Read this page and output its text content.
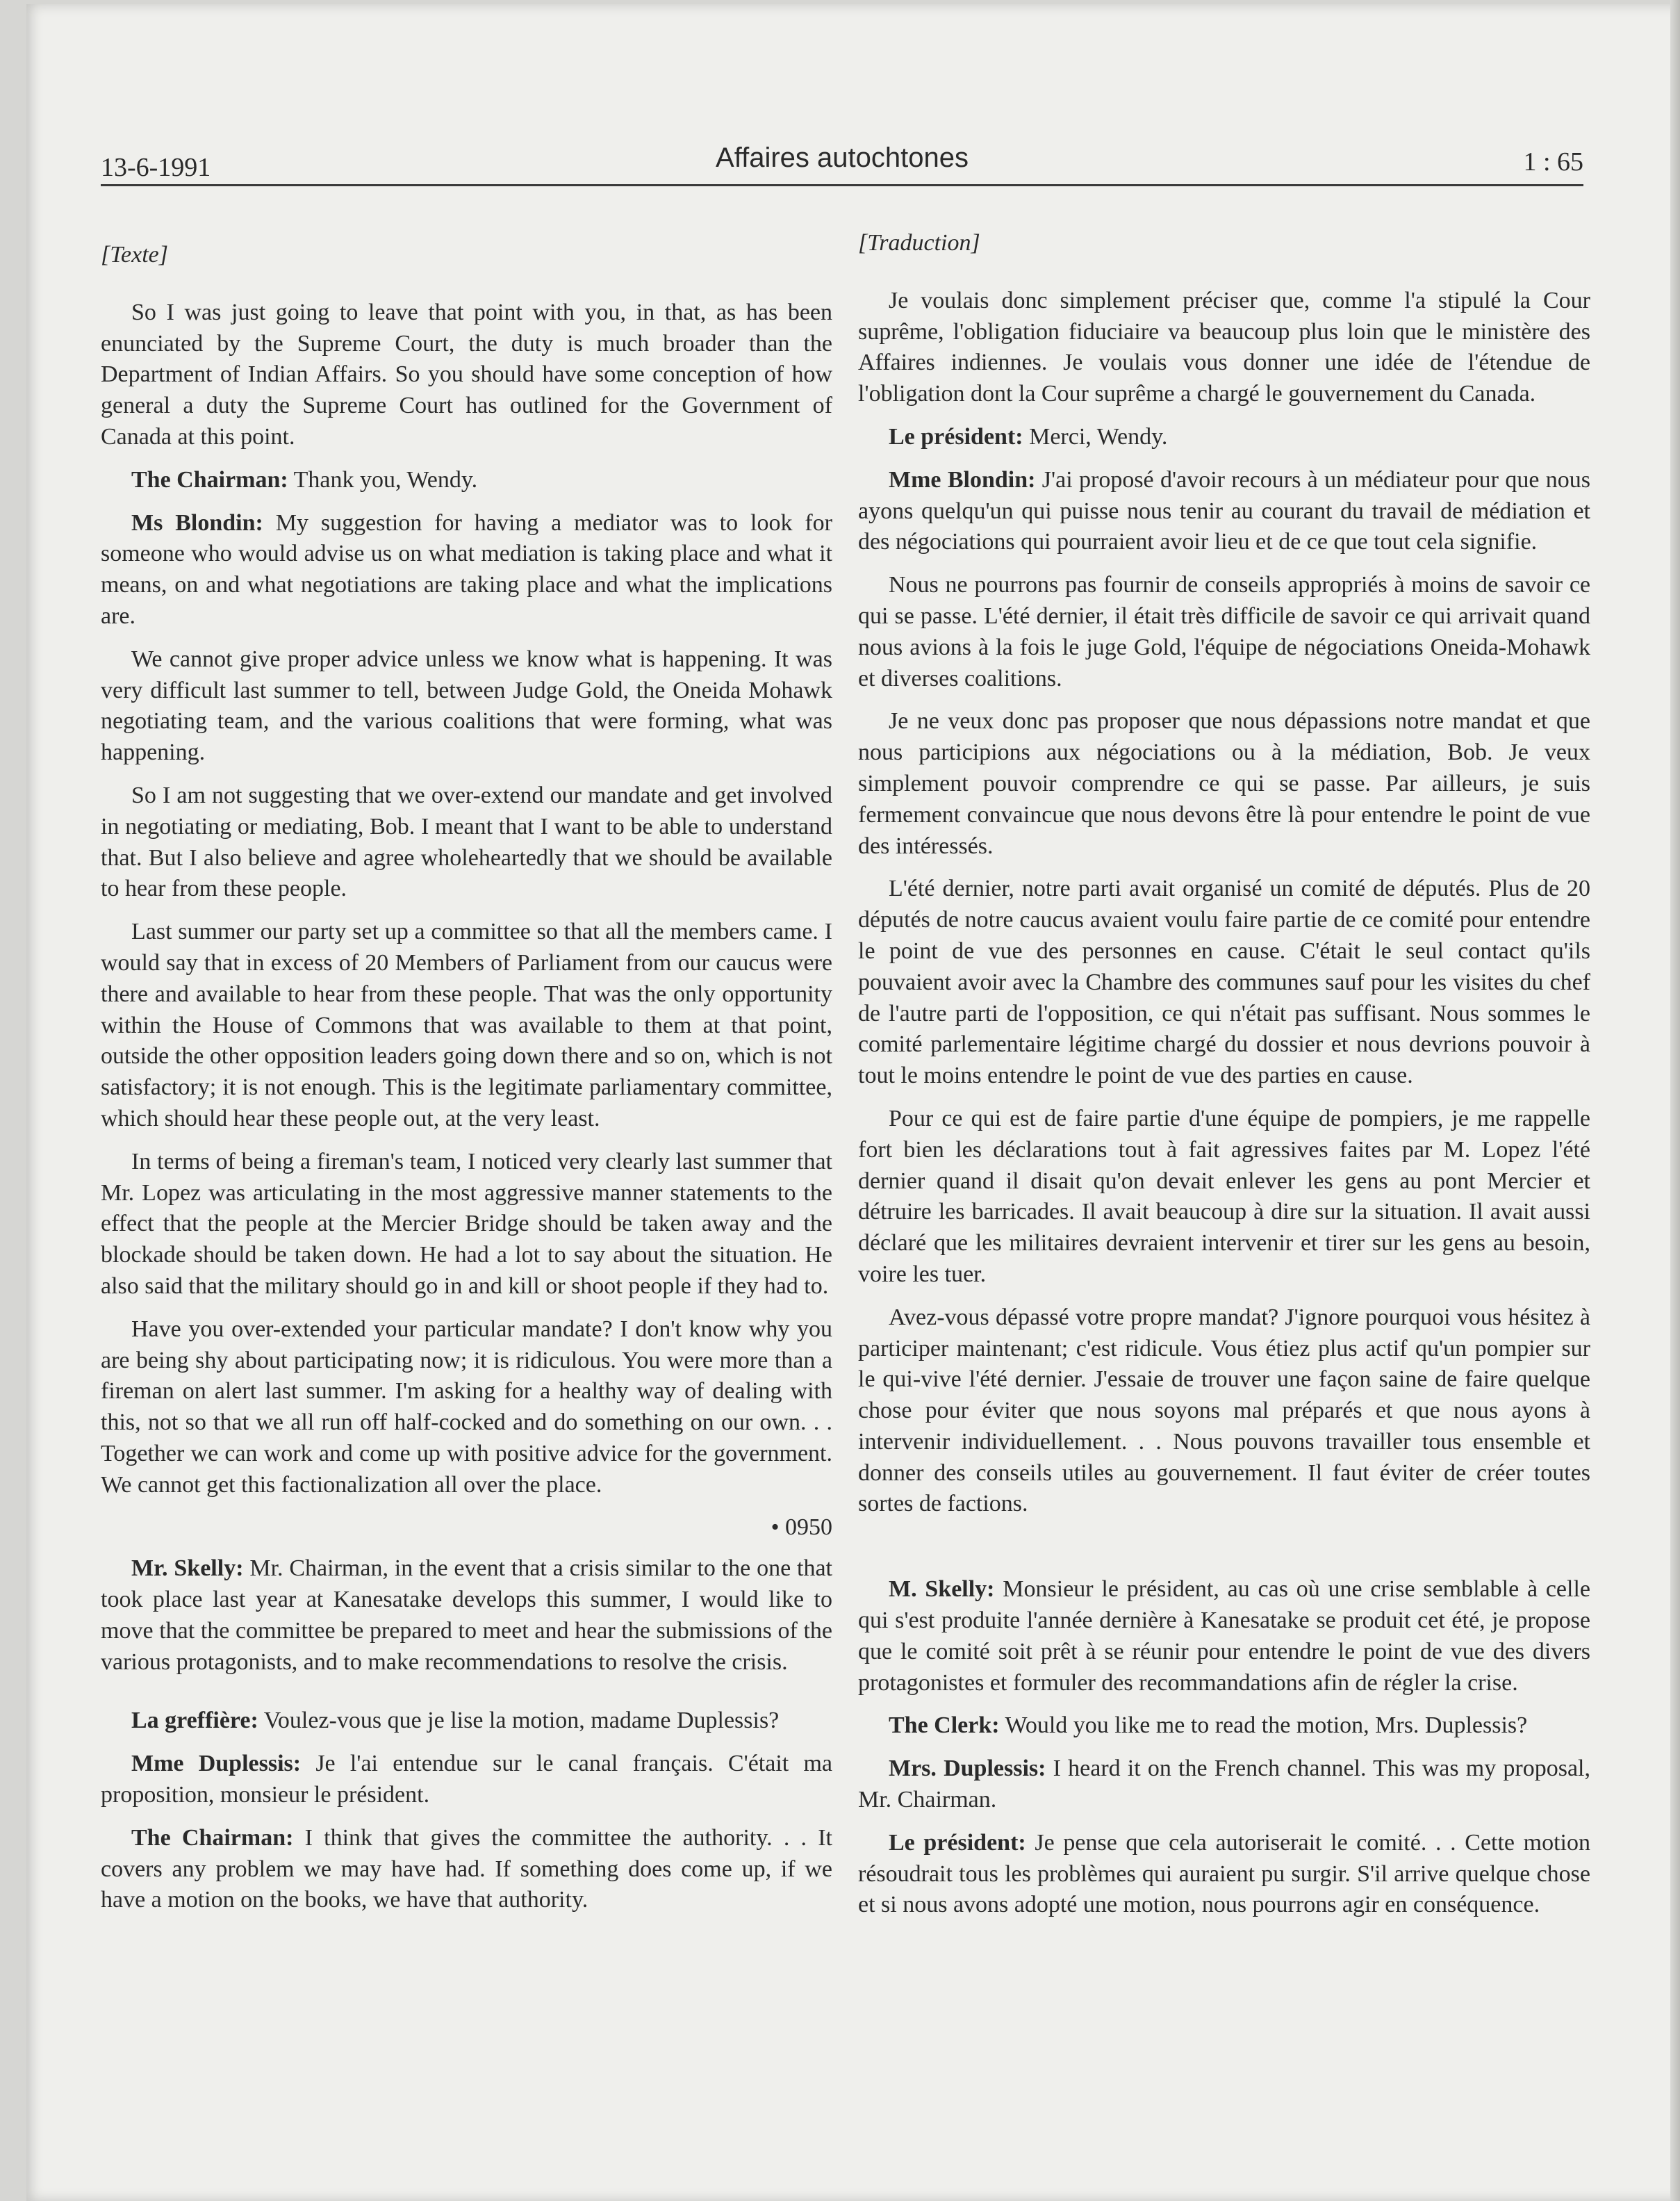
13-6-1991	Affaires autochtones	1 : 65

[Texte]

So I was just going to leave that point with you, in that, as has been enunciated by the Supreme Court, the duty is much broader than the Department of Indian Affairs. So you should have some conception of how general a duty the Supreme Court has outlined for the Government of Canada at this point.

The Chairman: Thank you, Wendy.

Ms Blondin: My suggestion for having a mediator was to look for someone who would advise us on what mediation is taking place and what it means, on and what negotiations are taking place and what the implications are.

We cannot give proper advice unless we know what is happening. It was very difficult last summer to tell, between Judge Gold, the Oneida Mohawk negotiating team, and the various coalitions that were forming, what was happening.

So I am not suggesting that we over-extend our mandate and get involved in negotiating or mediating, Bob. I meant that I want to be able to understand that. But I also believe and agree wholeheartedly that we should be available to hear from these people.

Last summer our party set up a committee so that all the members came. I would say that in excess of 20 Members of Parliament from our caucus were there and available to hear from these people. That was the only opportunity within the House of Commons that was available to them at that point, outside the other opposition leaders going down there and so on, which is not satisfactory; it is not enough. This is the legitimate parliamentary committee, which should hear these people out, at the very least.

In terms of being a fireman's team, I noticed very clearly last summer that Mr. Lopez was articulating in the most aggressive manner statements to the effect that the people at the Mercier Bridge should be taken away and the blockade should be taken down. He had a lot to say about the situation. He also said that the military should go in and kill or shoot people if they had to.

Have you over-extended your particular mandate? I don't know why you are being shy about participating now; it is ridiculous. You were more than a fireman on alert last summer. I'm asking for a healthy way of dealing with this, not so that we all run off half-cocked and do something on our own. . . Together we can work and come up with positive advice for the government. We cannot get this factionalization all over the place.

• 0950

Mr. Skelly: Mr. Chairman, in the event that a crisis similar to the one that took place last year at Kanesatake develops this summer, I would like to move that the committee be prepared to meet and hear the submissions of the various protagonists, and to make recommendations to resolve the crisis.

La greffière: Voulez-vous que je lise la motion, madame Duplessis?

Mme Duplessis: Je l'ai entendue sur le canal français. C'était ma proposition, monsieur le président.

The Chairman: I think that gives the committee the authority. . . It covers any problem we may have had. If something does come up, if we have a motion on the books, we have that authority.

[Traduction]

Je voulais donc simplement préciser que, comme l'a stipulé la Cour suprême, l'obligation fiduciaire va beaucoup plus loin que le ministère des Affaires indiennes. Je voulais vous donner une idée de l'étendue de l'obligation dont la Cour suprême a chargé le gouvernement du Canada.

Le président: Merci, Wendy.

Mme Blondin: J'ai proposé d'avoir recours à un médiateur pour que nous ayons quelqu'un qui puisse nous tenir au courant du travail de médiation et des négociations qui pourraient avoir lieu et de ce que tout cela signifie.

Nous ne pourrons pas fournir de conseils appropriés à moins de savoir ce qui se passe. L'été dernier, il était très difficile de savoir ce qui arrivait quand nous avions à la fois le juge Gold, l'équipe de négociations Oneida-Mohawk et diverses coalitions.

Je ne veux donc pas proposer que nous dépassions notre mandat et que nous participions aux négociations ou à la médiation, Bob. Je veux simplement pouvoir comprendre ce qui se passe. Par ailleurs, je suis fermement convaincue que nous devons être là pour entendre le point de vue des intéressés.

L'été dernier, notre parti avait organisé un comité de députés. Plus de 20 députés de notre caucus avaient voulu faire partie de ce comité pour entendre le point de vue des personnes en cause. C'était le seul contact qu'ils pouvaient avoir avec la Chambre des communes sauf pour les visites du chef de l'autre parti de l'opposition, ce qui n'était pas suffisant. Nous sommes le comité parlementaire légitime chargé du dossier et nous devrions pouvoir à tout le moins entendre le point de vue des parties en cause.

Pour ce qui est de faire partie d'une équipe de pompiers, je me rappelle fort bien les déclarations tout à fait agressives faites par M. Lopez l'été dernier quand il disait qu'on devait enlever les gens au pont Mercier et détruire les barricades. Il avait beaucoup à dire sur la situation. Il avait aussi déclaré que les militaires devraient intervenir et tirer sur les gens au besoin, voire les tuer.

Avez-vous dépassé votre propre mandat? J'ignore pourquoi vous hésitez à participer maintenant; c'est ridicule. Vous étiez plus actif qu'un pompier sur le qui-vive l'été dernier. J'essaie de trouver une façon saine de faire quelque chose pour éviter que nous soyons mal préparés et que nous ayons à intervenir individuellement. . . Nous pouvons travailler tous ensemble et donner des conseils utiles au gouvernement. Il faut éviter de créer toutes sortes de factions.

M. Skelly: Monsieur le président, au cas où une crise semblable à celle qui s'est produite l'année dernière à Kanesatake se produit cet été, je propose que le comité soit prêt à se réunir pour entendre le point de vue des divers protagonistes et formuler des recommandations afin de régler la crise.

The Clerk: Would you like me to read the motion, Mrs. Duplessis?

Mrs. Duplessis: I heard it on the French channel. This was my proposal, Mr. Chairman.

Le président: Je pense que cela autoriserait le comité. . . Cette motion résoudrait tous les problèmes qui auraient pu surgir. S'il arrive quelque chose et si nous avons adopté une motion, nous pourrons agir en conséquence.
